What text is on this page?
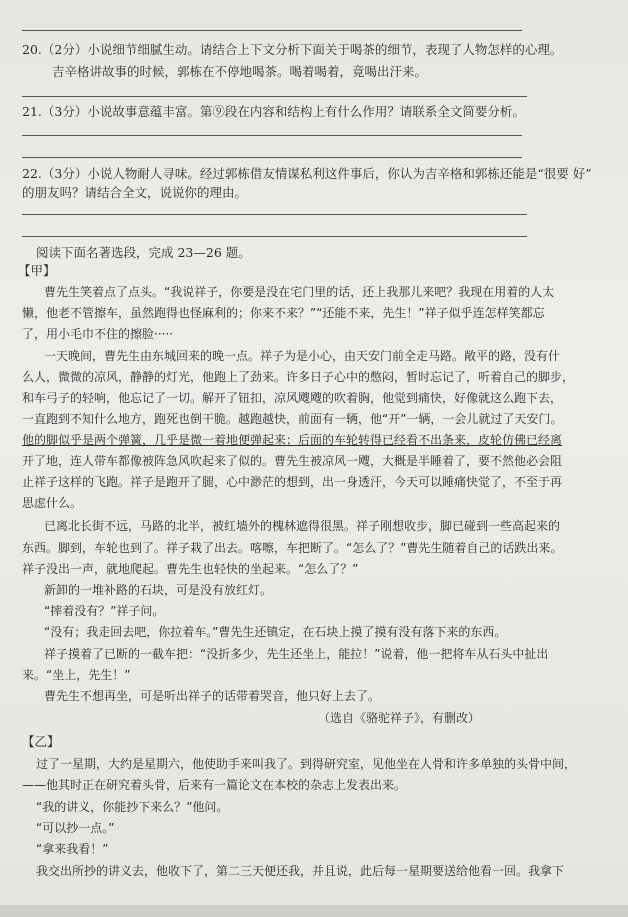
20.（2分）小说细节细腻生动。请结合上下文分析下面关于喝茶的细节，表现了人物怎样的心理。
吉辛格讲故事的时候，郭栋在不停地喝茶。喝着喝着，竟喝出汗来。
21.（3分）小说故事意蕴丰富。第⑨段在内容和结构上有什么作用？请联系全文简要分析。
22.（3分）小说人物耐人寻味。经过郭栋借友情谋私利这件事后，你认为吉辛格和郭栋还能是“很要 好”
的朋友吗？请结合全文，说说你的理由。
阅读下面名著选段，完成 23—26 题。
【甲】
曹先生笑着点了点头。“我说祥子，你要是没在宅门里的话，还上我那儿来吧？我现在用着的人太
懒，他老不管擦车，虽然跑得也怪麻利的；你来不来？”“还能不来，先生！”祥子似乎连怎样笑都忘
了，用小毛巾不住的擦脸·····
一天晚间，曹先生由东城回来的晚一点。祥子为是小心，由天安门前全走马路。敞平的路，没有什
么人，微微的凉风，静静的灯光，他跑上了劲来。许多日子心中的憋闷，暂时忘记了，听着自己的脚步，
和车弓子的轻响，他忘记了一切。解开了钮扣，凉风飕飕的吹着胸，他觉到痛快，好像就这么跑下去，
一直跑到不知什么地方，跑死也倒干脆。越跑越快，前面有一辆，他“开”一辆，一会儿就过了天安门。
他的脚似乎是两个弹簧，几乎是微一着地便弹起来；后面的车轮转得已经看不出条来，皮轮仿佛已经离
开了地，连人带车都像被阵急风吹起来了似的。曹先生被凉风一飕，大概是半睡着了，要不然他必会阻
止祥子这样的飞跑。祥子是跑开了腿，心中渺茫的想到，出一身透汗，今天可以睡痛快觉了，不至于再
思虑什么。
已离北长街不远，马路的北半，被红墙外的槐林遮得很黑。祥子刚想收步，脚已碰到一些高起来的
东西。脚到，车轮也到了。祥子栽了出去。喀嚓，车把断了。“怎么了？”曹先生随着自己的话跌出来。
祥子没出一声，就地爬起。曹先生也轻快的坐起来。“怎么了？”
新卸的一堆补路的石块，可是没有放红灯。
“摔着没有？”祥子问。
“没有；我走回去吧，你拉着车。”曹先生还镇定，在石块上摸了摸有没有落下来的东西。
祥子摸着了已断的一截车把：“没折多少，先生还坐上，能拉！”说着，他一把将车从石头中扯出
来。“坐上，先生！”
曹先生不想再坐，可是听出祥子的话带着哭音，他只好上去了。
（选自《骆驼祥子》，有删改）
【乙】
过了一星期，大约是星期六，他使助手来叫我了。到得研究室，见他坐在人骨和许多单独的头骨中间，
——他其时正在研究着头骨，后来有一篇论文在本校的杂志上发表出来。
“我的讲义，你能抄下来么？”他问。
“可以抄一点。”
“拿来我看！”
我交出所抄的讲义去，他收下了，第二三天便还我，并且说，此后每一星期要送给他看一回。我拿下
